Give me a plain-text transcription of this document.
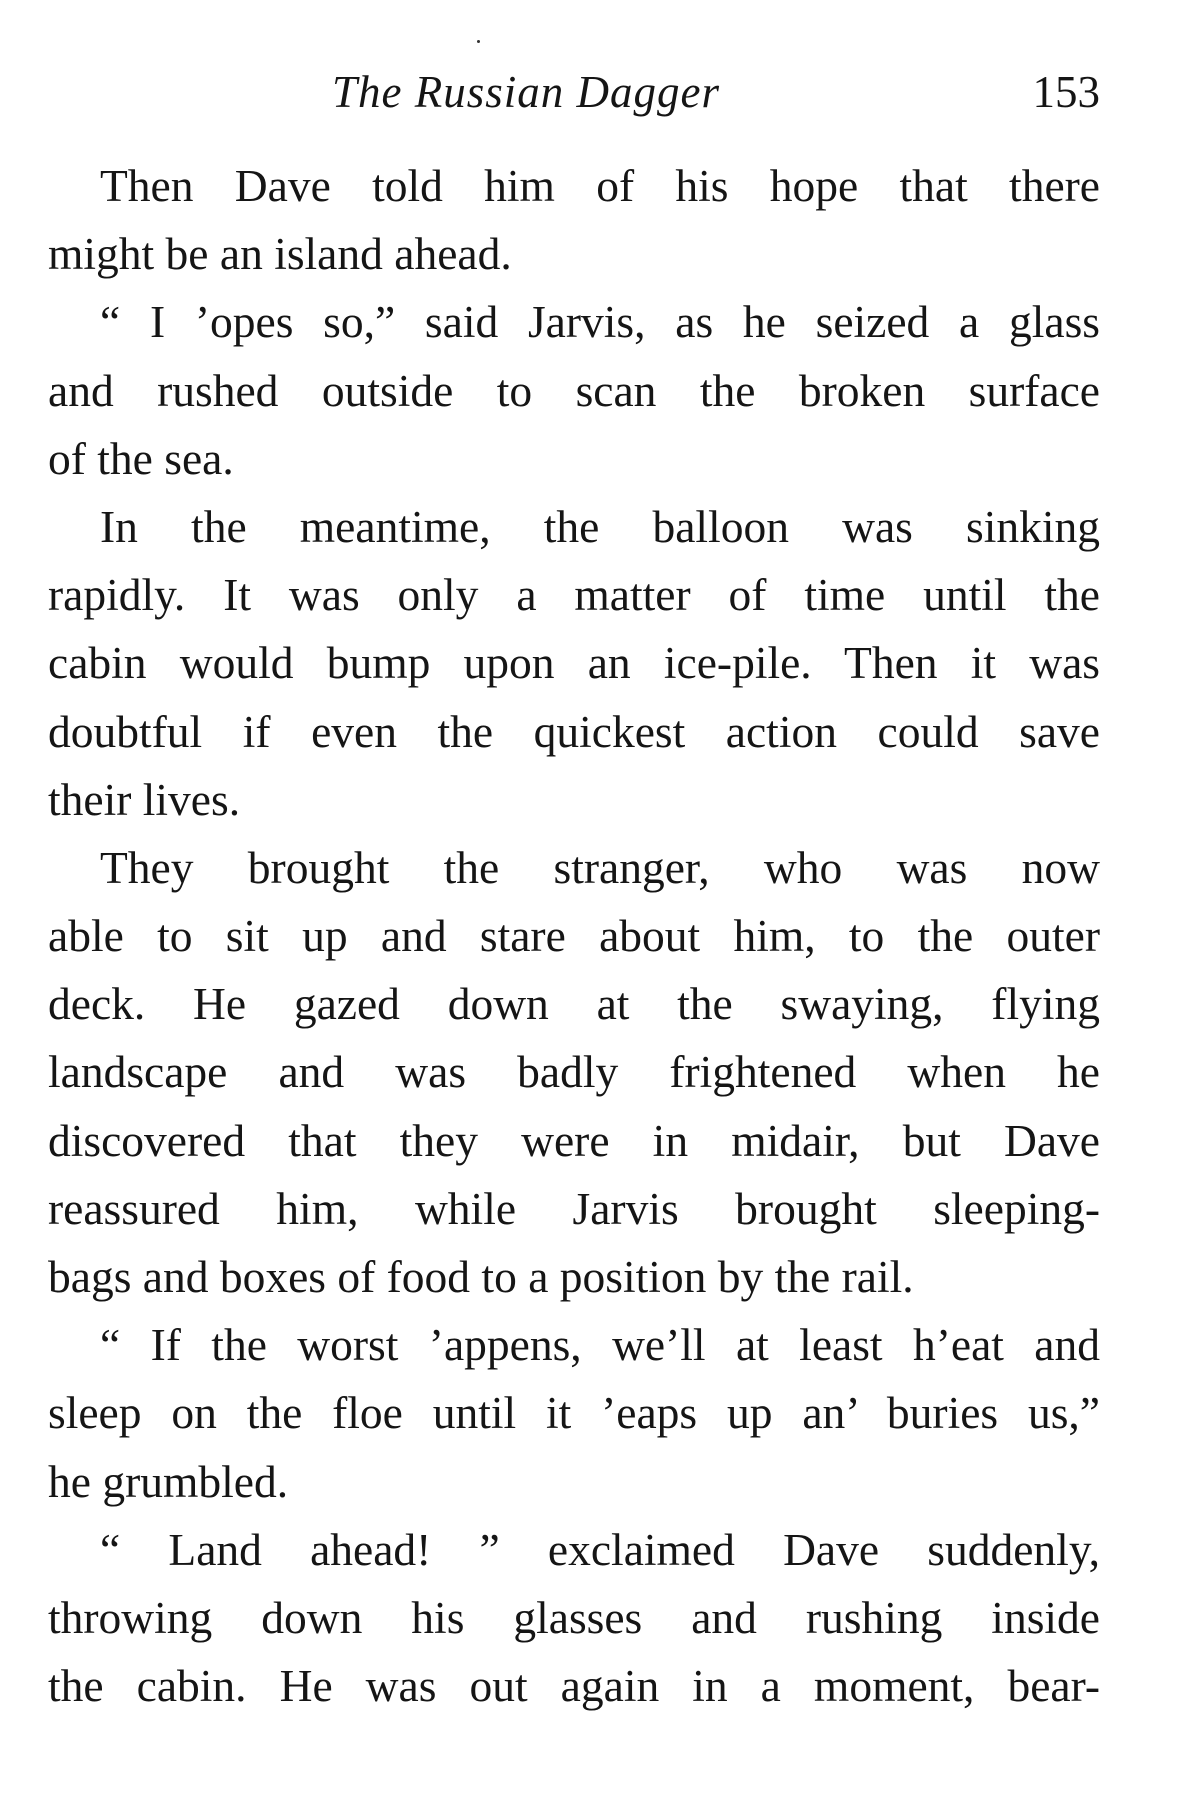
The Russian Dagger	153
Then Dave told him of his hope that there
might be an island ahead.
“ I ’opes so,” said Jarvis, as he seized a glass
and rushed outside to scan the broken surface
of the sea.
In the meantime, the balloon was sinking
rapidly. It was only a matter of time until the
cabin would bump upon an ice-pile. Then it was
doubtful if even the quickest action could save
their lives.
They brought the stranger, who was now
able to sit up and stare about him, to the outer
deck. He gazed down at the swaying, flying
landscape and was badly frightened when he
discovered that they were in midair, but Dave
reassured him, while Jarvis brought sleeping-
bags and boxes of food to a position by the rail.
“ If the worst ’appens, we’ll at least h’eat and
sleep on the floe until it ’eaps up an’ buries us,”
he grumbled.
“ Land ahead! ” exclaimed Dave suddenly,
throwing down his glasses and rushing inside
the cabin. He was out again in a moment, bear-
